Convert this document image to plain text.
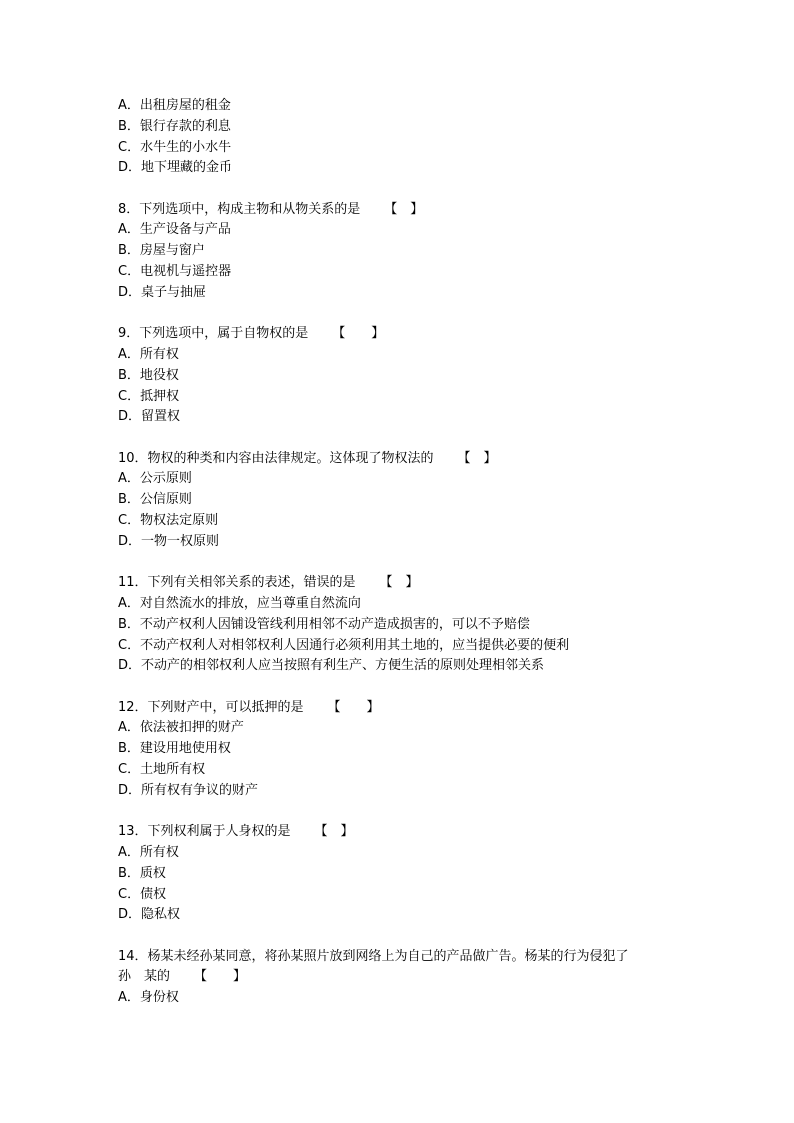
A．出租房屋的租金
B．银行存款的利息
C．水牛生的小水牛
D．地下埋藏的金币
8．下列选项中，构成主物和从物关系的是 【　】
A．生产设备与产品
B．房屋与窗户
C．电视机与遥控器
D．桌子与抽屉
9．下列选项中，属于自物权的是 【　　】
A．所有权
B．地役权
C．抵押权
D．留置权
10．物权的种类和内容由法律规定。这体现了物权法的 【　】
A．公示原则
B．公信原则
C．物权法定原则
D．一物一权原则
11．下列有关相邻关系的表述，错误的是 【　】
A．对自然流水的排放，应当尊重自然流向
B．不动产权利人因铺设管线利用相邻不动产造成损害的，可以不予赔偿
C．不动产权利人对相邻权利人因通行必须利用其土地的，应当提供必要的便利
D．不动产的相邻权利人应当按照有利生产、方便生活的原则处理相邻关系
12．下列财产中，可以抵押的是 【　　】
A．依法被扣押的财产
B．建设用地使用权
C．土地所有权
D．所有权有争议的财产
13．下列权利属于人身权的是 【　】
A．所有权
B．质权
C．债权
D．隐私权
14．杨某未经孙某同意，将孙某照片放到网络上为自己的产品做广告。杨某的行为侵犯了
孙　某的 【　　】
A．身份权
